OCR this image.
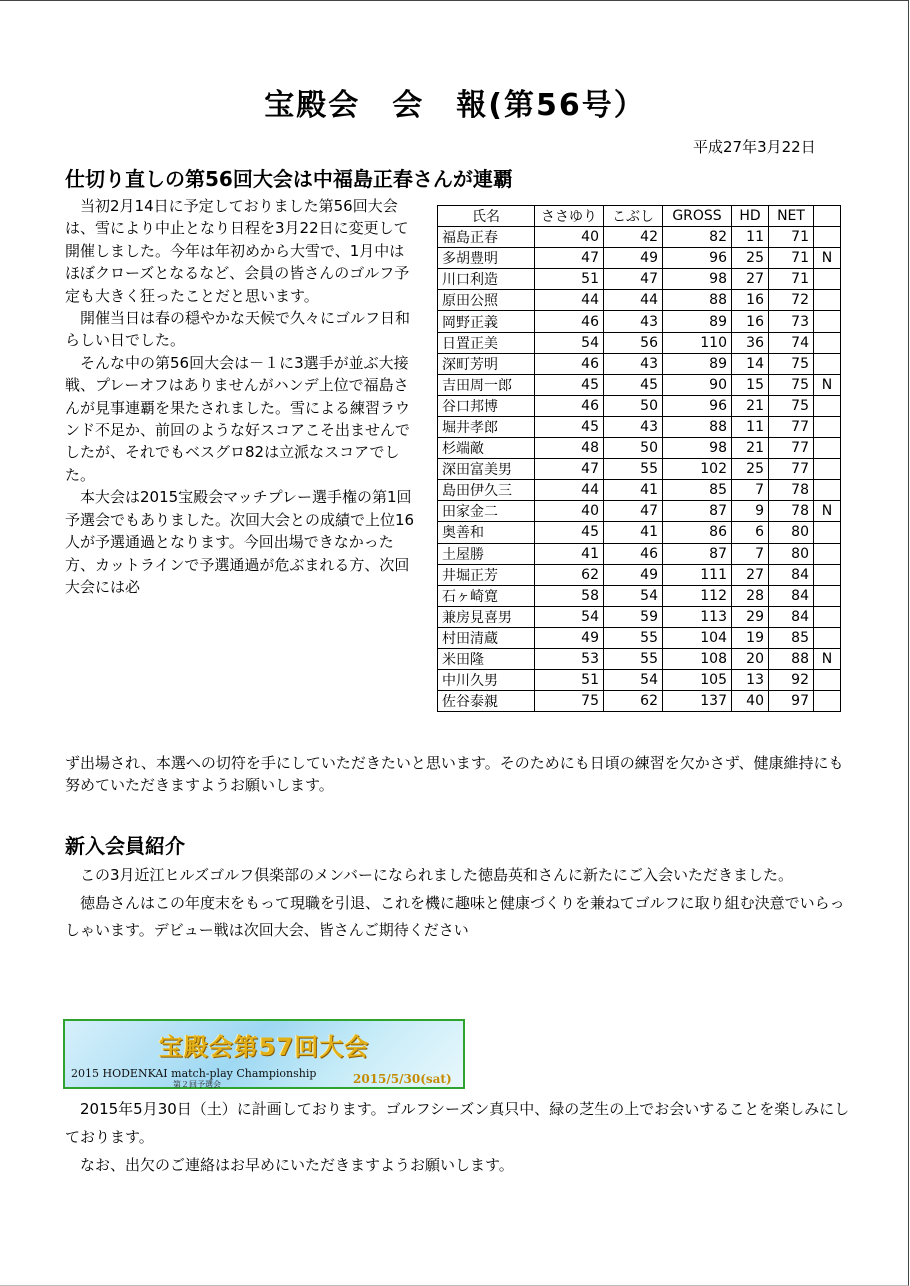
宝殿会　会　報(第56号）
平成27年3月22日
仕切り直しの第56回大会は中福島正春さんが連覇
当初2月14日に予定しておりました第56回大会は、雪により中止となり日程を3月22日に変更して開催しました。今年は年初めから大雪で、1月中はほぼクローズとなるなど、会員の皆さんのゴルフ予定も大きく狂ったことだと思います。
開催当日は春の穏やかな天候で久々にゴルフ日和らしい日でした。
そんな中の第56回大会は－１に3選手が並ぶ大接戦、プレーオフはありませんがハンデ上位で福島さんが見事連覇を果たされました。雪による練習ラウンド不足か、前回のような好スコアこそ出ませんでしたが、それでもベスグロ82は立派なスコアでした。
本大会は2015宝殿会マッチプレー選手権の第1回予選会でもありました。次回大会との成績で上位16人が予選通過となります。今回出場できなかった方、カットラインで予選通過が危ぶまれる方、次回大会には必
ず出場され、本選への切符を手にしていただきたいと思います。そのためにも日頃の練習を欠かさず、健康維持にも努めていただきますようお願いします。
氏名	ささゆり	こぶし	GROSS	HD	NET	
福島正春	40	42	82	11	71	
多胡豊明	47	49	96	25	71	N
川口利造	51	47	98	27	71	
原田公照	44	44	88	16	72	
岡野正義	46	43	89	16	73	
日置正美	54	56	110	36	74	
深町芳明	46	43	89	14	75	
吉田周一郎	45	45	90	15	75	N
谷口邦博	46	50	96	21	75	
堀井孝郎	45	43	88	11	77	
杉端敵	48	50	98	21	77	
深田富美男	47	55	102	25	77	
島田伊久三	44	41	85	7	78	
田家金二	40	47	87	9	78	N
奥善和	45	41	86	6	80	
土屋勝	41	46	87	7	80	
井堀正芳	62	49	111	27	84	
石ヶ崎寛	58	54	112	28	84	
兼房見喜男	54	59	113	29	84	
村田清蔵	49	55	104	19	85	
米田隆	53	55	108	20	88	N
中川久男	51	54	105	13	92	
佐谷泰親	75	62	137	40	97	
新入会員紹介
この3月近江ヒルズゴルフ倶楽部のメンバーになられました徳島英和さんに新たにご入会いただきました。
徳島さんはこの年度末をもって現職を引退、これを機に趣味と健康づくりを兼ねてゴルフに取り組む決意でいらっしゃいます。デビュー戦は次回大会、皆さんご期待ください
宝殿会第57回大会
2015 HODENKAI match-play Championship
第２回予選会	2015/5/30(sat)
2015年5月30日（土）に計画しております。ゴルフシーズン真只中、緑の芝生の上でお会いすることを楽しみにしております。
なお、出欠のご連絡はお早めにいただきますようお願いします。
